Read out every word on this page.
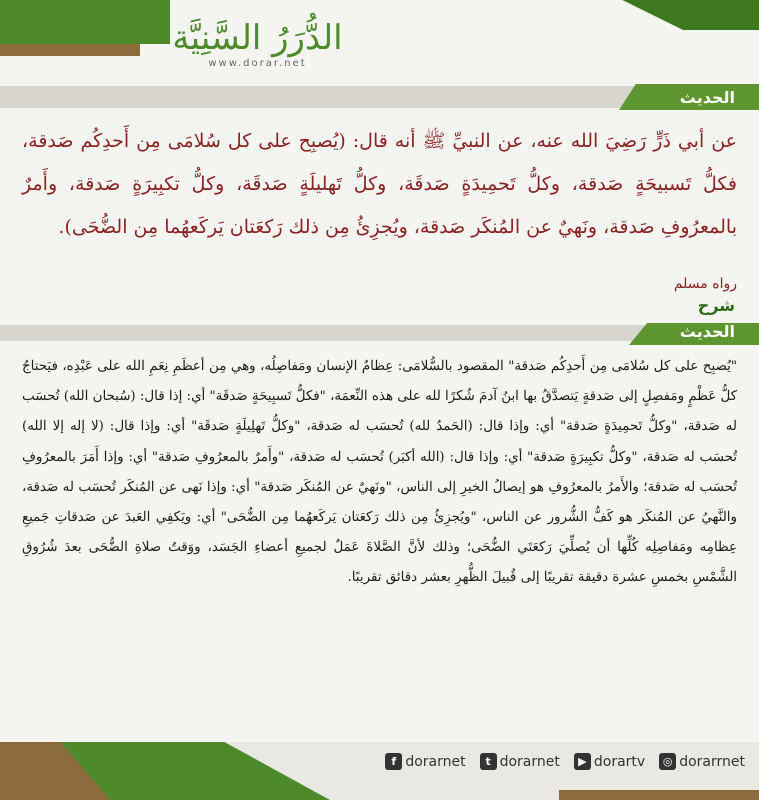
الدُّرَرُ السَّنِيَّة
www.dorar.net
الحديث
عن أبي ذَرٍّ رَضِيَ الله عنه، عن النبيِّ ﷺ أنه قال: (يُصبِح على كل سُلامَى مِن أَحدِكُم صَدقة، فكلُّ تَسبيحَةٍ صَدقة، وكلُّ تَحمِيدَةٍ صَدقَة، وكلُّ تَهليلَةٍ صَدقَة، وكلُّ تكبِيرَةٍ صَدقة، وأَمرٌ بالمعرُوفِ صَدقة، ونَهيٌ عن المُنكَر صَدقة، ويُجزِئُ مِن ذلك رَكعَتان يَركَعهُما مِن الضُّحَى).
رواه مسلم
شرح
الحديث
"يُصبِح على كل سُلامَى مِن أَحدِكُم صَدقة" المقصود بالسُّلامَى: عِظامُ الإنسان ومَفاصِلُه، وهي مِن أعظَمِ نِعَمِ الله على عَبْدِه، فيَحتاجُ كلُّ عَظْمٍ ومَفصِلٍ إلى صَدقةٍ يَتصدَّقُ بها ابنُ آدمَ شُكرًا لله على هذه النِّعمَة، "فكلُّ تَسبِيحَةٍ صَدقَة" أي: إذا قال: (سُبحان الله) تُحسَب له صَدقة، "وكلُّ تَحمِيدَةٍ صَدقة" أي: وإذا قال: (الحَمدُ لله) تُحسَب له صَدقة، "وكلُّ تَهلِيلَةٍ صَدقَة" أي: وإذا قال: (لا إله إلا الله) تُحسَب له صَدقة، "وكلُّ تكبِيرَةٍ صَدقة" أي: وإذا قال: (الله أكبَر) تُحسَب له صَدقة، "وأَمرٌ بالمعرُوفِ صَدقة" أي: وإذا أَمَرَ بالمعرُوفِ تُحسَب له صَدقة؛ والأَمرُ بالمعرُوفِ هو إيصالُ الخيرِ إلى الناس، "ونَهيٌ عن المُنكَر صَدقة" أي: وإذا نَهى عن المُنكَر تُحسَب له صَدقة، والنَّهيُ عن المُنكَر هو كَفُّ الشُّرور عن الناس، "ويُجزِئُ مِن ذلك رَكعَتان يَركَعهُما مِن الضُّحَى" أي: ويَكفِي العَبدَ عن صَدقاتِ جَميعِ عِظامِه ومَفاصِلِه كُلِّها أن يُصلِّيَ رَكعَتَي الضُّحَى؛ وذلك لأنَّ الصَّلاةَ عَمَلٌ لجميعِ أعضاءِ الجَسَد، ووَقتُ صلاةِ الضُّحَى بعدَ شُرُوقِ الشَّمْسِ بخمسِ عشرة دقيقة تقريبًا إلى قُبيلَ الظُّهرِ بعشر دقائق تقريبًا.
f dorarnet	t dorarnet	▶ dorartv	◎ dorarrnet
